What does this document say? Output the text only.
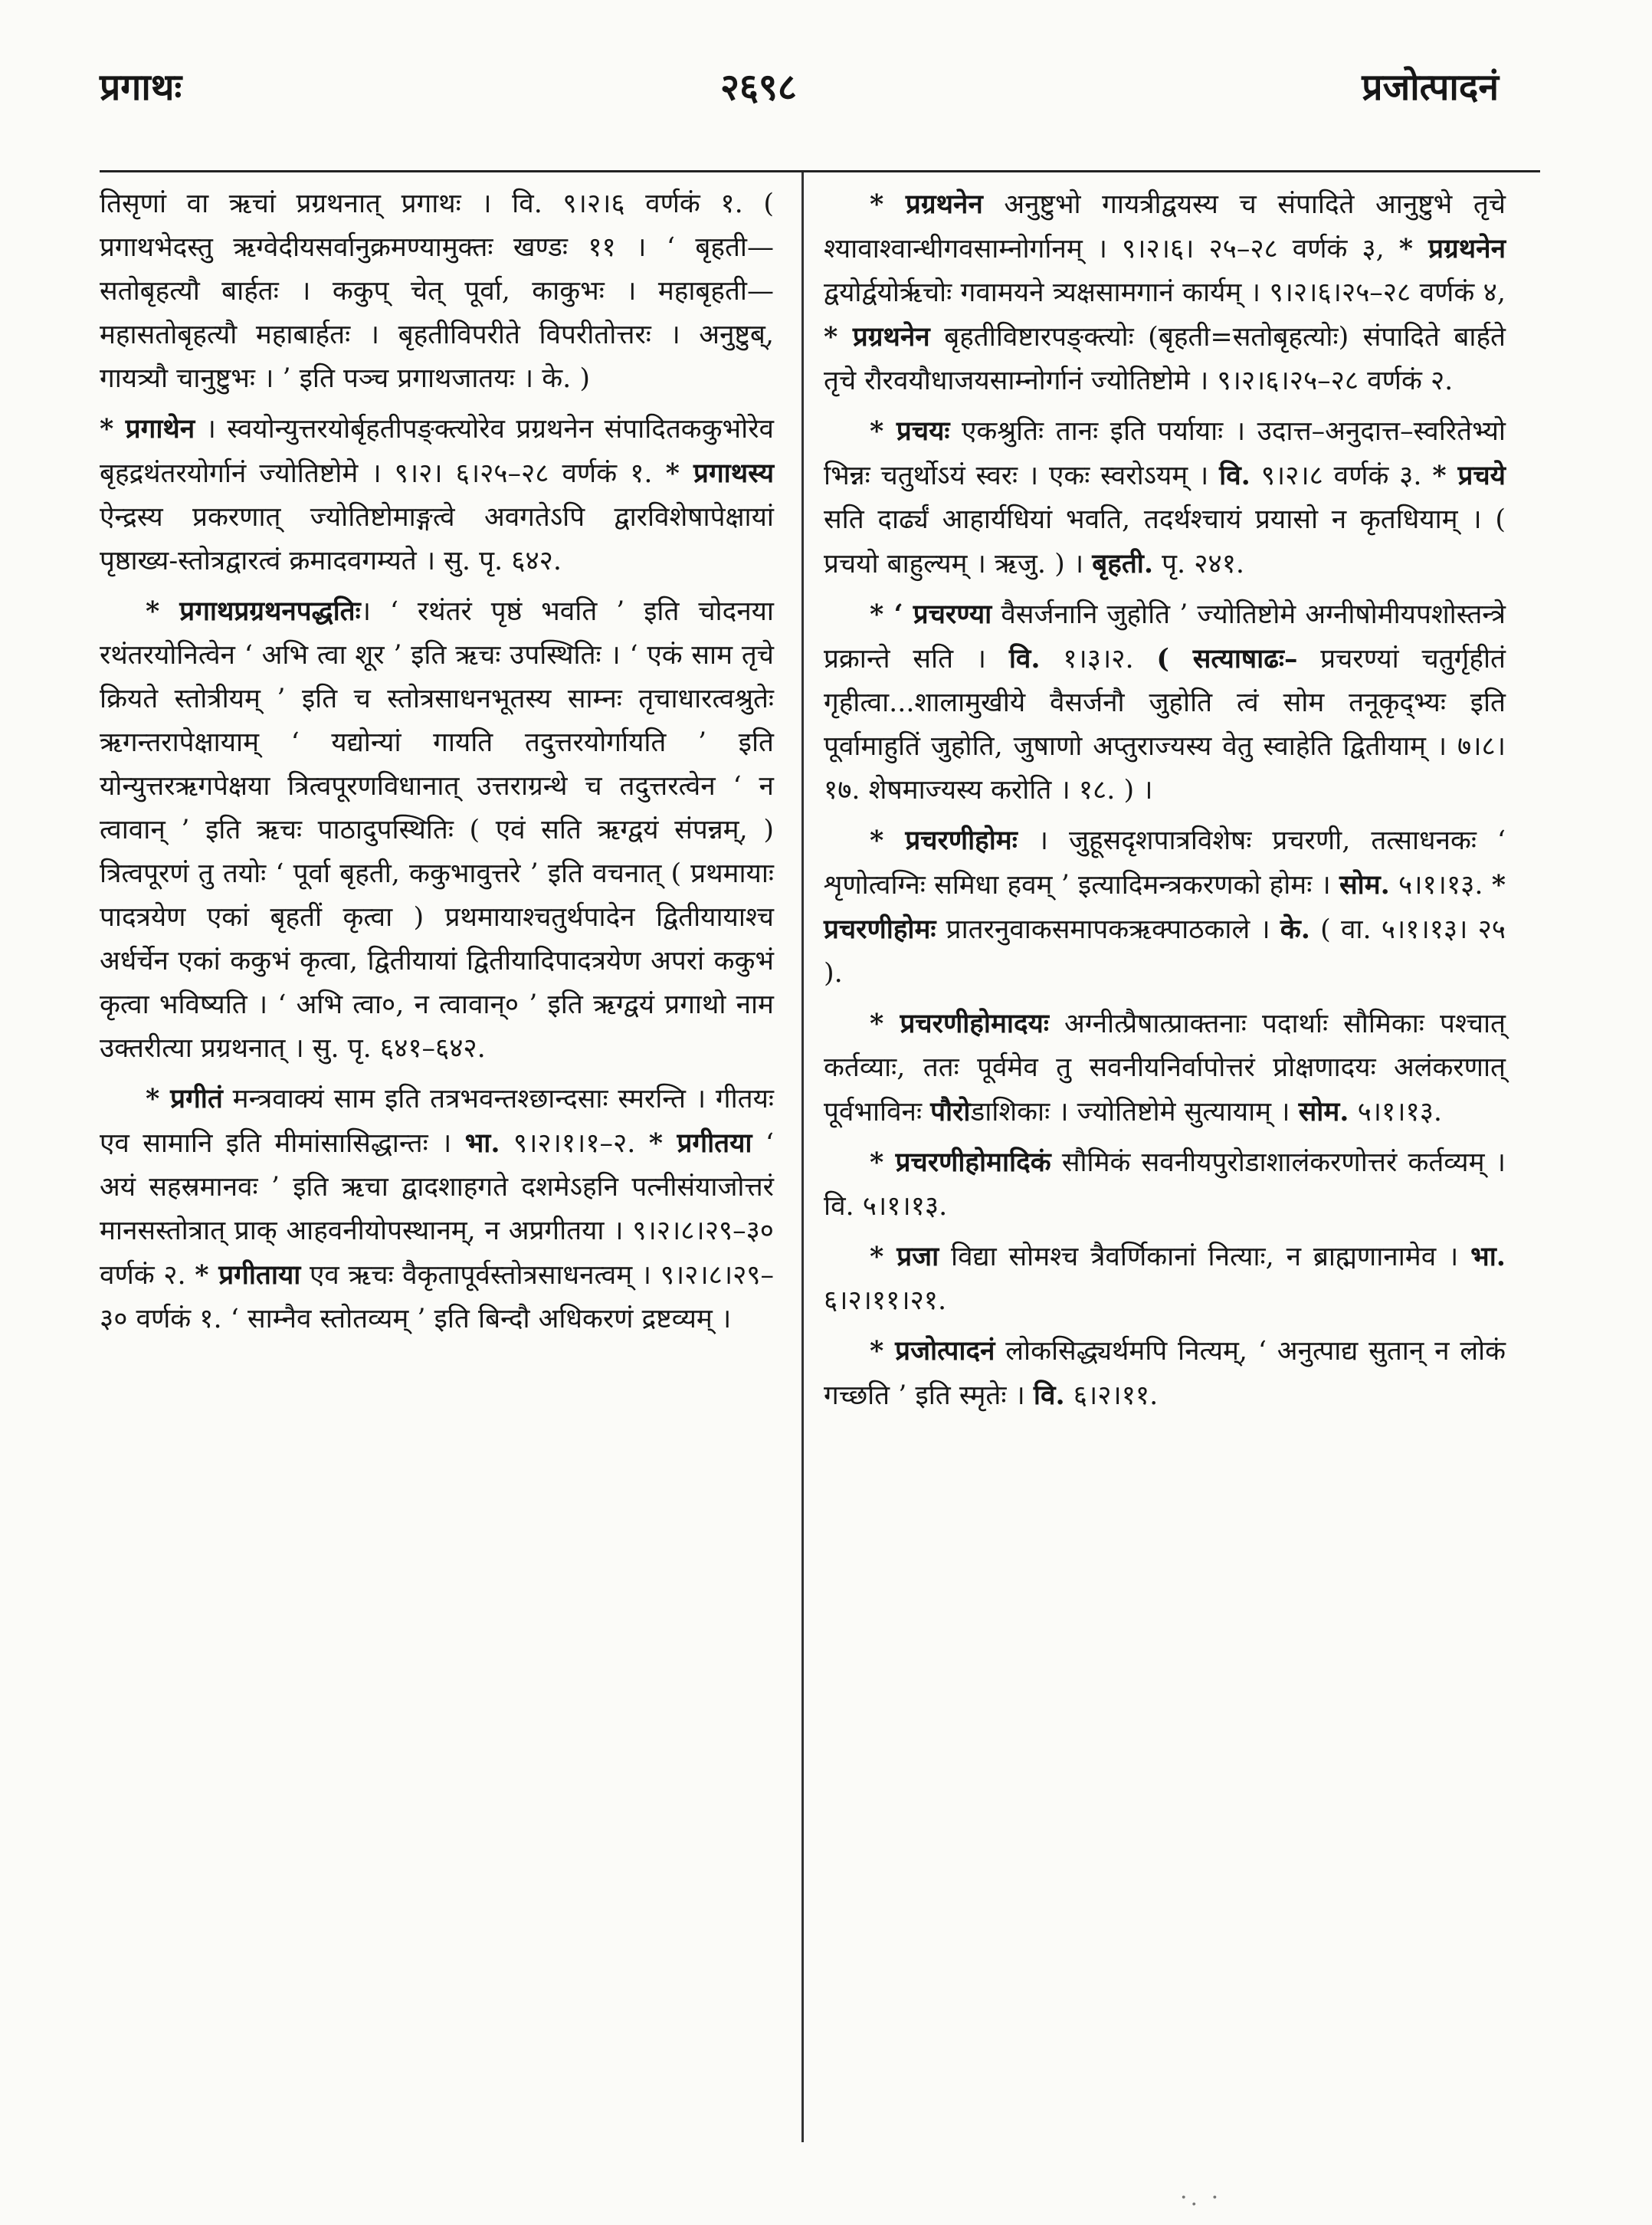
प्रगाथः	२६९८	प्रजोत्पादनं

तिसृणां वा ऋचां प्रग्रथनात् प्रगाथः । वि. ९।२।६ वर्णकं १. ( प्रगाथभेदस्तु ऋग्वेदीयसर्वानुक्रमण्यामुक्तः खण्डः ११ । ‘ बृहती— सतोबृहत्यौ बार्हतः । ककुप् चेत् पूर्वा, काकुभः । महाबृहती— महासतोबृहत्यौ महाबार्हतः । बृहतीविपरीते विपरीतोत्तरः । अनुष्टुब्, गायत्र्यौ चानुष्टुभः । ’ इति पञ्च प्रगाथजातयः । के. )

* प्रगाथेन । स्वयोन्युत्तरयोर्बृहतीपङ्क्त्योरेव प्रग्रथनेन संपादितककुभोरेव बृहद्रथंतरयोर्गानं ज्योतिष्टोमे । ९।२। ६।२५–२८ वर्णकं १. * प्रगाथस्य ऐन्द्रस्य प्रकरणात् ज्योतिष्टोमाङ्गत्वे अवगतेऽपि द्वारविशेषापेक्षायां पृष्ठाख्य-स्तोत्रद्वारत्वं क्रमादवगम्यते । सु. पृ. ६४२.

* प्रगाथप्रग्रथनपद्धतिः। ‘ रथंतरं पृष्ठं भवति ’ इति चोदनया रथंतरयोनित्वेन ‘ अभि त्वा शूर ’ इति ऋचः उपस्थितिः । ‘ एकं साम तृचे क्रियते स्तोत्रीयम् ’ इति च स्तोत्रसाधनभूतस्य साम्नः तृचाधारत्वश्रुतेः ऋगन्तरापेक्षायाम् ‘ यद्योन्यां गायति तदुत्तरयोर्गायति ’ इति योन्युत्तरऋगपेक्षया त्रित्वपूरणविधानात् उत्तराग्रन्थे च तदुत्तरत्वेन ‘ न त्वावान् ’ इति ऋचः पाठादुपस्थितिः ( एवं सति ऋग्द्वयं संपन्नम्, ) त्रित्वपूरणं तु तयोः ‘ पूर्वा बृहती, ककुभावुत्तरे ’ इति वचनात् ( प्रथमायाः पादत्रयेण एकां बृहतीं कृत्वा ) प्रथमायाश्चतुर्थपादेन द्वितीयायाश्च अर्धर्चेन एकां ककुभं कृत्वा, द्वितीयायां द्वितीयादिपादत्रयेण अपरां ककुभं कृत्वा भविष्यति । ‘ अभि त्वा०, न त्वावान्० ’ इति ऋग्द्वयं प्रगाथो नाम उक्तरीत्या प्रग्रथनात् । सु. पृ. ६४१–६४२.

* प्रगीतं मन्त्रवाक्यं साम इति तत्रभवन्तश्छान्दसाः स्मरन्ति । गीतयः एव सामानि इति मीमांसासिद्धान्तः । भा. ९।२।१।१–२. * प्रगीतया ‘ अयं सहस्रमानवः ’ इति ऋचा द्वादशाहगते दशमेऽहनि पत्नीसंयाजोत्तरं मानसस्तोत्रात् प्राक् आहवनीयोपस्थानम्, न अप्रगीतया । ९।२।८।२९–३० वर्णकं २. * प्रगीताया एव ऋचः वैकृतापूर्वस्तोत्रसाधनत्वम् । ९।२।८।२९–३० वर्णकं १. ‘ साम्नैव स्तोतव्यम् ’ इति बिन्दौ अधिकरणं द्रष्टव्यम् ।

* प्रग्रथनेन अनुष्टुभो गायत्रीद्वयस्य च संपादिते आनुष्टुभे तृचे श्यावाश्वान्धीगवसाम्नोर्गानम् । ९।२।६। २५–२८ वर्णकं ३, * प्रग्रथनेन द्वयोर्द्वयोर्ऋचोः गवामयने त्र्यक्षसामगानं कार्यम् । ९।२।६।२५–२८ वर्णकं ४, * प्रग्रथनेन बृहतीविष्टारपङ्क्त्योः (बृहती=सतोबृहत्योः) संपादिते बार्हते तृचे रौरवयौधाजयसाम्नोर्गानं ज्योतिष्टोमे । ९।२।६।२५–२८ वर्णकं २.

* प्रचयः एकश्रुतिः तानः इति पर्यायाः । उदात्त–अनुदात्त–स्वरितेभ्यो भिन्नः चतुर्थोऽयं स्वरः । एकः स्वरोऽयम् । वि. ९।२।८ वर्णकं ३. * प्रचये सति दार्ढ्यं आहार्यधियां भवति, तदर्थश्चायं प्रयासो न कृतधियाम् । ( प्रचयो बाहुल्यम् । ऋजु. ) । बृहती. पृ. २४१.

* ‘ प्रचरण्या वैसर्जनानि जुहोति ’ ज्योतिष्टोमे अग्नीषोमीयपशोस्तन्त्रे प्रक्रान्ते सति । वि. १।३।२. ( सत्याषाढः– प्रचरण्यां चतुर्गृहीतं गृहीत्वा...शालामुखीये वैसर्जनौ जुहोति त्वं सोम तनूकृद्भ्यः इति पूर्वामाहुतिं जुहोति, जुषाणो अप्तुराज्यस्य वेतु स्वाहेति द्वितीयाम् । ७।८।१७. शेषमाज्यस्य करोति । १८. ) ।

* प्रचरणीहोमः । जुहूसदृशपात्रविशेषः प्रचरणी, तत्साधनकः ‘ शृणोत्वग्निः समिधा हवम् ’ इत्यादिमन्त्रकरणको होमः । सोम. ५।१।१३. * प्रचरणीहोमः प्रातरनुवाकसमापकऋक्पाठकाले । के. ( वा. ५।१।१३। २५ ).

* प्रचरणीहोमादयः अग्नीत्प्रैषात्प्राक्तनाः पदार्थाः सौमिकाः पश्चात् कर्तव्याः, ततः पूर्वमेव तु सवनीयनिर्वापोत्तरं प्रोक्षणादयः अलंकरणात् पूर्वभाविनः पौरोडाशिकाः । ज्योतिष्टोमे सुत्यायाम् । सोम. ५।१।१३.

* प्रचरणीहोमादिकं सौमिकं सवनीयपुरोडाशालंकरणोत्तरं कर्तव्यम् । वि. ५।१।१३.

* प्रजा विद्या सोमश्च त्रैवर्णिकानां नित्याः, न ब्राह्मणानामेव । भा. ६।२।११।२१.

* प्रजोत्पादनं लोकसिद्ध्यर्थमपि नित्यम्, ‘ अनुत्पाद्य सुतान् न लोकं गच्छति ’ इति स्मृतेः । वि. ६।२।११.

·. ·
